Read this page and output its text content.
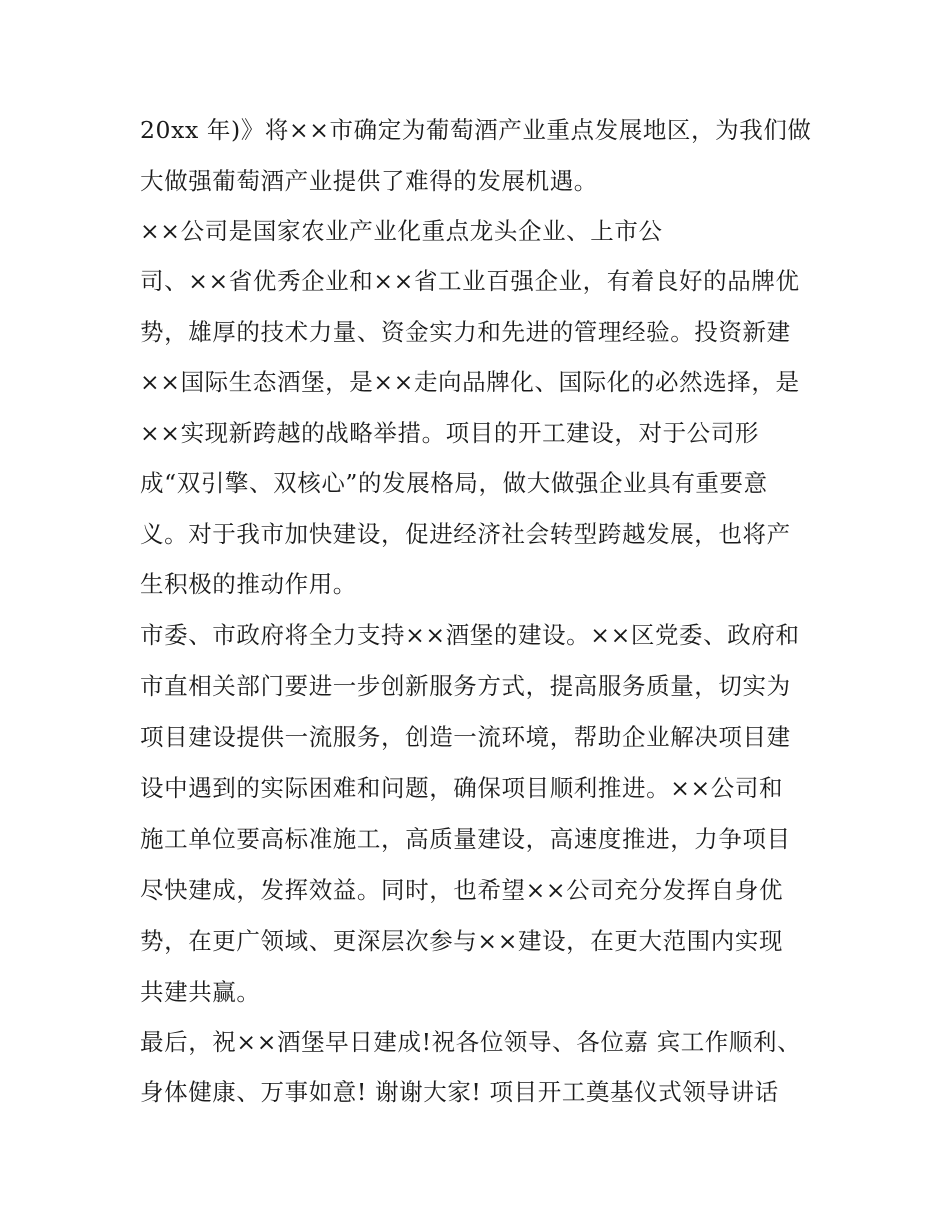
20xx 年)》将××市确定为葡萄酒产业重点发展地区，为我们做
大做强葡萄酒产业提供了难得的发展机遇。
××公司是国家农业产业化重点龙头企业、上市公
司、××省优秀企业和××省工业百强企业，有着良好的品牌优
势，雄厚的技术力量、资金实力和先进的管理经验。投资新建
××国际生态酒堡，是××走向品牌化、国际化的必然选择，是
××实现新跨越的战略举措。项目的开工建设，对于公司形
成“双引擎、双核心”的发展格局，做大做强企业具有重要意
义。对于我市加快建设，促进经济社会转型跨越发展，也将产
生积极的推动作用。
市委、市政府将全力支持××酒堡的建设。××区党委、政府和
市直相关部门要进一步创新服务方式，提高服务质量，切实为
项目建设提供一流服务，创造一流环境，帮助企业解决项目建
设中遇到的实际困难和问题，确保项目顺利推进。××公司和
施工单位要高标准施工，高质量建设，高速度推进，力争项目
尽快建成，发挥效益。同时，也希望××公司充分发挥自身优
势，在更广领域、更深层次参与××建设，在更大范围内实现
共建共赢。
最后，祝××酒堡早日建成!祝各位领导、各位嘉 宾工作顺利、
身体健康、万事如意! 谢谢大家! 项目开工奠基仪式领导讲话
